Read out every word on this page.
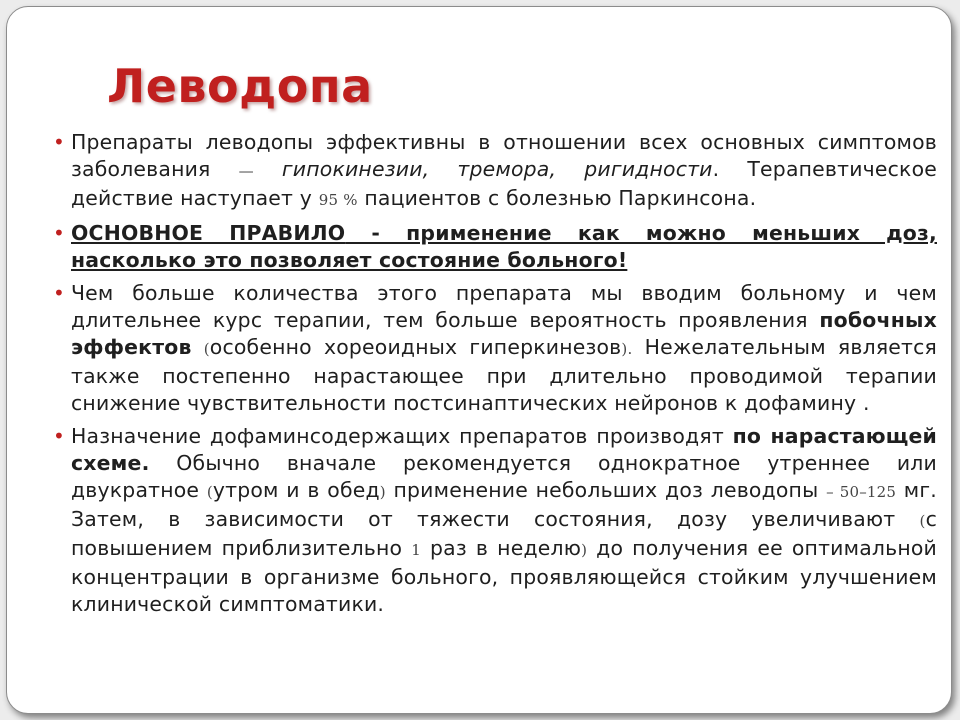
Леводопа
• Препараты леводопы эффективны в отношении всех основных симптомов заболевания — гипокинезии, тремора, ригидности. Терапевтическое действие наступает у 95 % пациентов с болезнью Паркинсона.
• ОСНОВНОЕ ПРАВИЛО - применение как можно меньших доз, насколько это позволяет состояние больного!
• Чем больше количества этого препарата мы вводим больному и чем длительнее курс терапии, тем больше вероятность проявления побочных эффектов (особенно хореоидных гиперкинезов). Нежелательным является также постепенно нарастающее при длительно проводимой терапии снижение чувствительности постсинаптических нейронов к дофамину .
• Назначение дофаминсодержащих препаратов производят по нарастающей схеме. Обычно вначале рекомендуется однократное утреннее или двукратное (утром и в обед) применение небольших доз леводопы – 50–125 мг. Затем, в зависимости от тяжести состояния, дозу увеличивают (с повышением приблизительно 1 раз в неделю) до получения ее оптимальной концентрации в организме больного, проявляющейся стойким улучшением клинической симптоматики.
